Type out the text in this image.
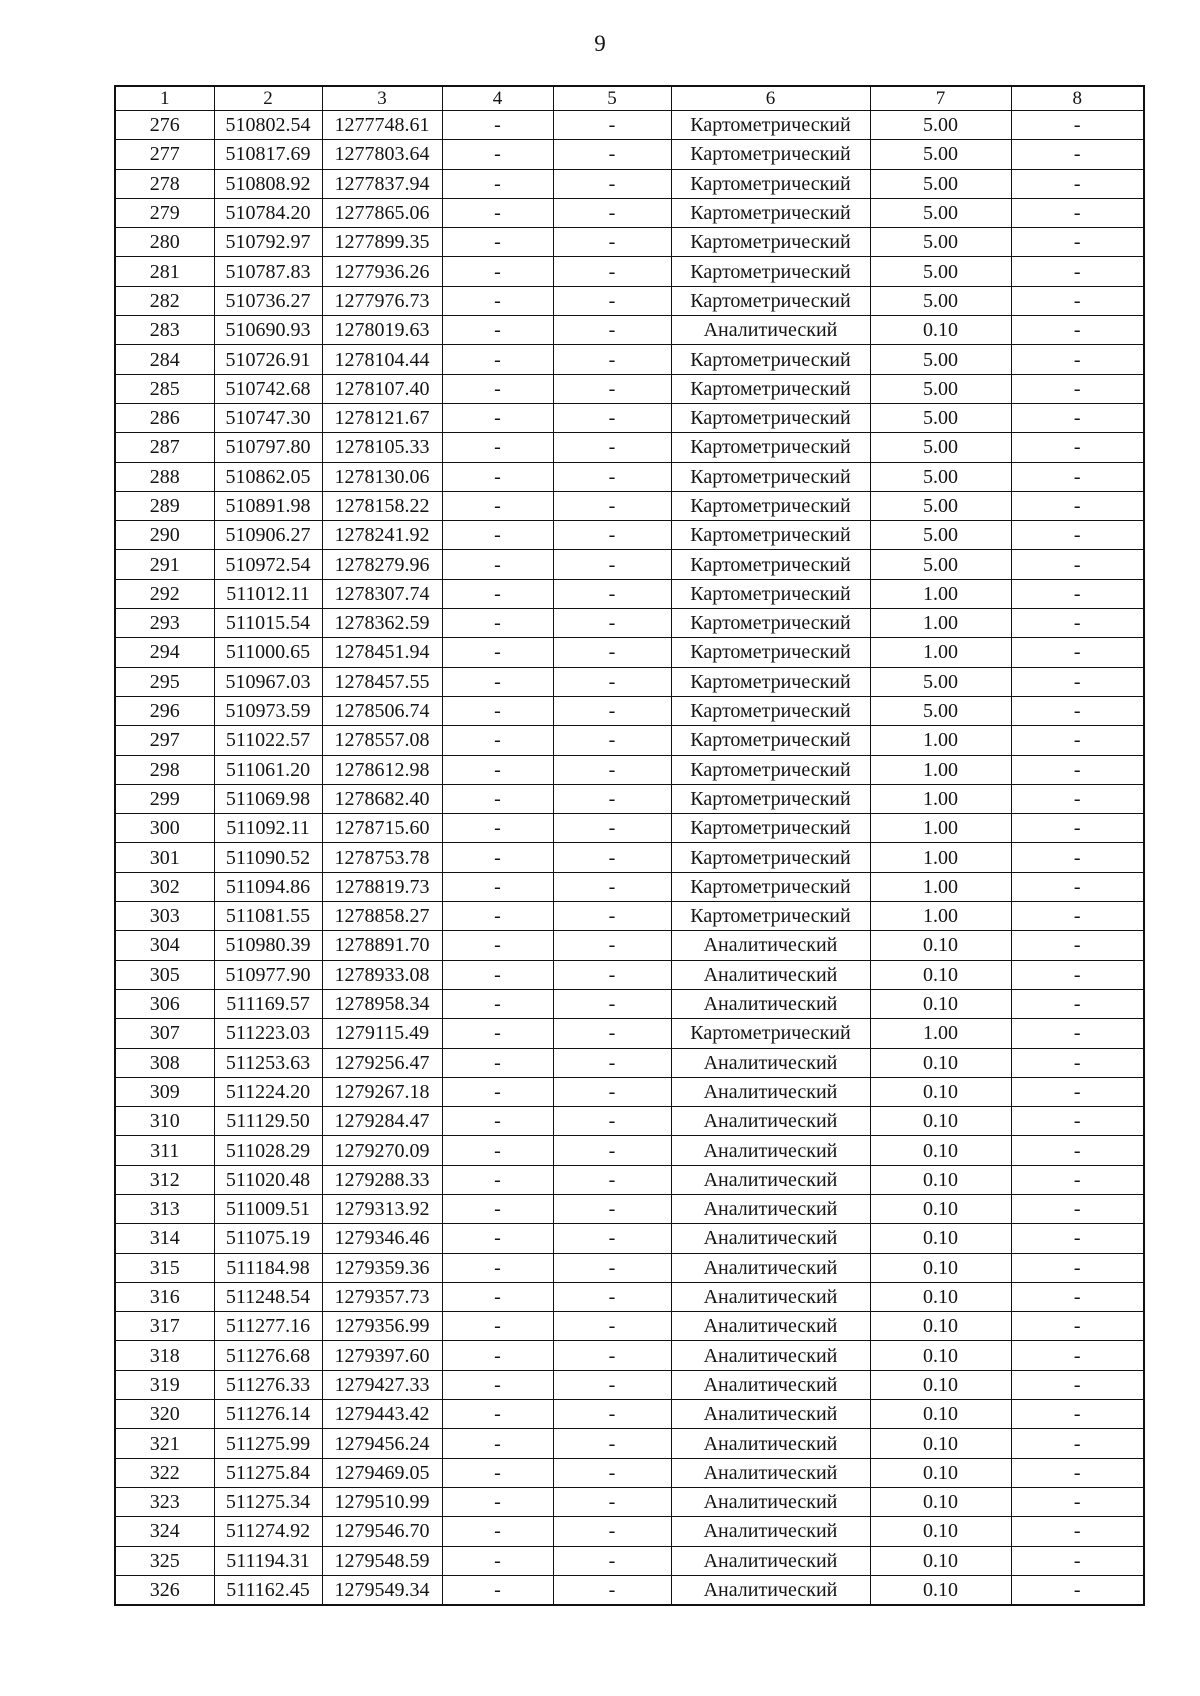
9
1	2	3	4	5	6	7	8
276	510802.54	1277748.61	-	-	Картометрический	5.00	-
277	510817.69	1277803.64	-	-	Картометрический	5.00	-
278	510808.92	1277837.94	-	-	Картометрический	5.00	-
279	510784.20	1277865.06	-	-	Картометрический	5.00	-
280	510792.97	1277899.35	-	-	Картометрический	5.00	-
281	510787.83	1277936.26	-	-	Картометрический	5.00	-
282	510736.27	1277976.73	-	-	Картометрический	5.00	-
283	510690.93	1278019.63	-	-	Аналитический	0.10	-
284	510726.91	1278104.44	-	-	Картометрический	5.00	-
285	510742.68	1278107.40	-	-	Картометрический	5.00	-
286	510747.30	1278121.67	-	-	Картометрический	5.00	-
287	510797.80	1278105.33	-	-	Картометрический	5.00	-
288	510862.05	1278130.06	-	-	Картометрический	5.00	-
289	510891.98	1278158.22	-	-	Картометрический	5.00	-
290	510906.27	1278241.92	-	-	Картометрический	5.00	-
291	510972.54	1278279.96	-	-	Картометрический	5.00	-
292	511012.11	1278307.74	-	-	Картометрический	1.00	-
293	511015.54	1278362.59	-	-	Картометрический	1.00	-
294	511000.65	1278451.94	-	-	Картометрический	1.00	-
295	510967.03	1278457.55	-	-	Картометрический	5.00	-
296	510973.59	1278506.74	-	-	Картометрический	5.00	-
297	511022.57	1278557.08	-	-	Картометрический	1.00	-
298	511061.20	1278612.98	-	-	Картометрический	1.00	-
299	511069.98	1278682.40	-	-	Картометрический	1.00	-
300	511092.11	1278715.60	-	-	Картометрический	1.00	-
301	511090.52	1278753.78	-	-	Картометрический	1.00	-
302	511094.86	1278819.73	-	-	Картометрический	1.00	-
303	511081.55	1278858.27	-	-	Картометрический	1.00	-
304	510980.39	1278891.70	-	-	Аналитический	0.10	-
305	510977.90	1278933.08	-	-	Аналитический	0.10	-
306	511169.57	1278958.34	-	-	Аналитический	0.10	-
307	511223.03	1279115.49	-	-	Картометрический	1.00	-
308	511253.63	1279256.47	-	-	Аналитический	0.10	-
309	511224.20	1279267.18	-	-	Аналитический	0.10	-
310	511129.50	1279284.47	-	-	Аналитический	0.10	-
311	511028.29	1279270.09	-	-	Аналитический	0.10	-
312	511020.48	1279288.33	-	-	Аналитический	0.10	-
313	511009.51	1279313.92	-	-	Аналитический	0.10	-
314	511075.19	1279346.46	-	-	Аналитический	0.10	-
315	511184.98	1279359.36	-	-	Аналитический	0.10	-
316	511248.54	1279357.73	-	-	Аналитический	0.10	-
317	511277.16	1279356.99	-	-	Аналитический	0.10	-
318	511276.68	1279397.60	-	-	Аналитический	0.10	-
319	511276.33	1279427.33	-	-	Аналитический	0.10	-
320	511276.14	1279443.42	-	-	Аналитический	0.10	-
321	511275.99	1279456.24	-	-	Аналитический	0.10	-
322	511275.84	1279469.05	-	-	Аналитический	0.10	-
323	511275.34	1279510.99	-	-	Аналитический	0.10	-
324	511274.92	1279546.70	-	-	Аналитический	0.10	-
325	511194.31	1279548.59	-	-	Аналитический	0.10	-
326	511162.45	1279549.34	-	-	Аналитический	0.10	-
